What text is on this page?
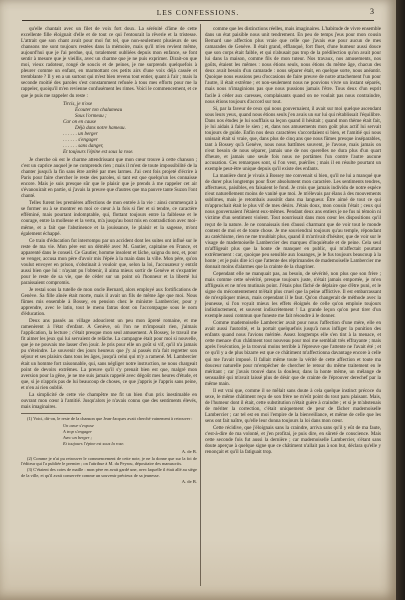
LES CONFESSIONS.	3

qu'elle chantait avec un filet de voix fort doux. La sérénité d'âme de cette excellente fille éloignait d'elle et de tout ce qui l'entourait la rêverie et la tristesse. L'attrait que son chant avait pour moi fut tel, que non-seulement plusieurs de ses chansons me sont toujours restées dans la mémoire, mais qu'il m'en revient même, aujourd'hui que je l'ai perdue, qui, totalement oubliées depuis mon enfance, se font sentir à mesure que je vieillis, avec un charme que je ne puis exprimer. Dirait-on que moi, vieux radoteur, rongé de soucis et de peines, je me surprends quelquefois à pleurer comme un enfant, en marmottant ces petits airs d'une voix déjà cassée et tremblante ? Il y en a un surtout qui m'est bien revenu tout entier, quant à l'air ; mais la seconde moitié des paroles s'est constamment refusée à tous mes efforts pour me la rappeler, quoiqu'il m'en revienne confusément les rimes. Voici le commencement, et ce que je puis me rappeler du reste :

Tircis, je n'ose
Écouter ton chalumeau
Sous l'ormeau ;
Car on en cause
Déjà dans notre hameau.
. . . . . . un berger
. . . . . . s'engager
. . . . . . sans danger,
Et toujours l'épine est sous la rose.

Je cherche où est le charme attendrissant que mon cœur trouve à cette chanson ; c'est un caprice auquel je ne comprends rien ; mais il m'est de toute impossibilité de la chanter jusqu'à la fin sans être arrêté par mes larmes. J'ai cent fois projeté d'écrire à Paris pour faire chercher le reste des paroles, si tant est que quelqu'un les connaisse encore. Mais je suis presque sûr que le plaisir que je prends à me rappeler cet air s'évanouirait en partie, si j'avais la preuve que d'autres que ma pauvre tante Suzon l'ont chanté.

Telles furent les premières affections de mon entrée à la vie : ainsi commençait à se former ou à se montrer en moi ce cœur à la fois si fier et si tendre, ce caractère efféminé, mais pourtant indomptable, qui, flottant toujours entre la faiblesse et le courage, entre la mollesse et la vertu, m'a jusqu'au bout mis en contradiction avec moi-même, et a fait que l'abstinence et la jouissance, le plaisir et la sagesse, m'ont également échappé.

Ce train d'éducation fut interrompu par un accident dont les suites ont influé sur le reste de ma vie. Mon père eut un démêlé avec M. Gautier, capitaine en France, et apparenté dans le conseil. Ce Gautier, homme insolent et lâche, saigna du nez, et, pour se venger, accusa mon père d'avoir mis l'épée à la main dans la ville. Mon père, qu'on voulut envoyer en prison, s'obstinait à vouloir que, selon la loi, l'accusateur y entrât aussi bien que lui : n'ayant pu l'obtenir, il aima mieux sortir de Genève et s'expatrier pour le reste de sa vie, que de céder sur un point où l'honneur et la liberté lui paraissaient compromis.

Je restai sous la tutelle de mon oncle Bernard, alors employé aux fortifications de Genève. Sa fille aînée était morte, mais il avait un fils de même âge que moi. Nous fûmes mis ensemble à Bossey, en pension chez le ministre Lambercier, pour y apprendre, avec le latin, tout le menu fatras dont on l'accompagne sous le nom d'éducation.

Deux ans passés au village adoucirent un peu mon âpreté romaine, et me ramenèrent à l'état d'enfant. A Genève, où l'on ne m'imposait rien, j'aimais l'application, la lecture ; c'était presque mon seul amusement. A Bossey, le travail me fit aimer les jeux qui lui servaient de relâche. La campagne était pour moi si nouvelle, que je ne pouvais me lasser d'en jouir. Je pris pour elle un goût si vif, qu'il n'a jamais pu s'éteindre. Le souvenir des jours heureux que j'y ai passés m'a fait regretter son séjour et ses plaisirs dans tous les âges, jusqu'à celui qui m'y a ramené. M. Lambercier était un homme fort raisonnable, qui, sans négliger notre instruction, ne nous chargeait point de devoirs extrêmes. La preuve qu'il s'y prenait bien est que, malgré mon aversion pour la gêne, je ne me suis jamais rappelé avec dégoût mes heures d'étude, et que, si je n'appris pas de lui beaucoup de choses, ce que j'appris je l'appris sans peine, et n'en ai rien oublié.

La simplicité de cette vie champêtre me fit un bien d'un prix inestimable en ouvrant mon cœur à l'amitié. Jusqu'alors je n'avais connu que des sentiments élevés, mais imaginaires.

(1) Voici, dit-on, le reste de la chanson que Jean-Jacques avait cherché vainement à retrouver :

Un cœur s'expose
A trop s'engager
Avec un berger ;
Et toujours l'épine est sous la rose.

A. de B.

(2) Comme je n'ai pu retrouver le commencement de cette note, je ne la donne que sur la foi de l'éditeur qui l'a publiée le premier ; on l'attribue à M. du Peyrou, dépositaire des manuscrits.

(3) C'étaient des cotes de maille : mon père en avait gardé une, avec laquelle il était allé au siège de la ville, et qu'il avait conservée comme un souvenir précieux de sa jeunesse.

A. de B.

comme que les distinctions réelles, mais imaginaires. L'habitude de vivre ensemble dans un état paisible nous unit tendrement. En peu de temps j'eus pour mon cousin Bernard une affection plus vraie que celle que j'avais eue pour aucun de mes camarades de Genève. Il était grand, efflanqué, fort fluet, d'une humeur aussi douce que son corps était faible, et qui n'abusait pas trop de la prédilection qu'on avait pour lui dans la maison, comme fils de mon tuteur. Nos travaux, nos amusements, nos goûts, étaient les mêmes : nous étions seuls, nous étions du même âge, chacun des deux avait besoin d'un camarade : nous séparer était, en quelque sorte, nous anéantir. Quoique nous eussions peu d'occasions de faire preuve de notre attachement l'un pour l'autre, il était extrême ; et non-seulement nous ne pouvions vivre un instant séparés, mais nous n'imaginions pas que nous pussions jamais l'être. Tous deux d'un esprit facile à céder aux caresses, complaisants quand on ne voulait pas nous contraindre, nous étions toujours d'accord sur tout.

Si, par la faveur de ceux qui nous gouvernaient, il avait sur moi quelque ascendant sous leurs yeux, quand nous étions seuls j'en avais un sur lui qui rétablissait l'équilibre. Dans nos études je lui soufflais sa leçon quand il hésitait ; quand mon thème était fait, je lui aidais à faire le sien ; et, dans nos amusements mon goût plus actif lui servait toujours de guide. Enfin nos deux caractères s'accordaient si bien, et l'amitié qui nous unissait était si vraie, que, dans plus de cinq ans que nous fûmes presque inséparables, tant à Bossey qu'à Genève, nous nous battîmes souvent, je l'avoue, mais jamais on n'eut besoin de nous séparer, jamais une de nos querelles ne dura plus d'un quart d'heure, et jamais une seule fois nous ne portâmes l'un contre l'autre aucune accusation. Ces remarques sont, si l'on veut, puériles ; mais il en résulte pourtant un exemple peut-être unique depuis qu'il existe des enfants.

La manière dont je vivais à Bossey me convenait si bien, qu'il ne lui a manqué que de durer plus longtemps pour fixer absolument mon caractère. Les sentiments tendres, affectueux, paisibles, en faisaient le fond. Je crois que jamais individu de notre espèce n'eut naturellement moins de vanité que moi. Je m'élevais par élans à des mouvements sublimes, mais je retombais aussitôt dans ma langueur. Être aimé de tout ce qui m'approchait était le plus vif de mes désirs. J'étais doux, mon cousin l'était ; ceux qui nous gouvernaient l'étaient eux-mêmes. Pendant deux ans entiers je ne fus ni témoin ni victime d'un sentiment violent. Tout nourrissait dans mon cœur les dispositions qu'il reçut de la nature. Je ne connaissais rien d'aussi charmant que de voir tout le monde content de moi et de toute chose. Je me souviendrai toujours qu'au temple, répondant au catéchisme, rien ne me troublait plus, quand il m'arrivait d'hésiter, que de voir sur le visage de mademoiselle Lambercier des marques d'inquiétude et de peine. Cela seul m'affligeait plus que la honte de manquer en public, qui m'affectait pourtant extrêmement : car, quoique peu sensible aux louanges, je le fus toujours beaucoup à la honte ; et je puis dire ici que l'attente des réprimandes de mademoiselle Lambercier me donnait moins d'alarmes que la crainte de la chagriner.

Cependant elle ne manquait pas, au besoin, de sévérité, non plus que son frère ; mais comme cette sévérité, presque toujours juste, n'était jamais emportée, je m'en affligeais et ne m'en mutinais point. J'étais plus fâché de déplaire que d'être puni, et le signe du mécontentement m'était plus cruel que la peine afflictive. Il est embarrassant de m'expliquer mieux, mais cependant il le faut. Qu'on changerait de méthode avec la jeunesse, si l'on voyait mieux les effets éloignés de celle qu'on emploie toujours indistinctement, et souvent indiscrètement ! La grande leçon qu'on peut tirer d'un exemple aussi commun que funeste me fait résoudre à le donner.

Comme mademoiselle Lambercier avait pour nous l'affection d'une mère, elle en avait aussi l'autorité, et la portait quelquefois jusqu'à nous infliger la punition des enfants quand nous l'avions méritée. Assez longtemps elle s'en tint à la menace, et cette menace d'un châtiment tout nouveau pour moi me semblait très effrayante ; mais après l'exécution, je la trouvai moins terrible à l'épreuve que l'attente ne l'avait été ; et ce qu'il y a de plus bizarre est que ce châtiment m'affectionna davantage encore à celle qui me l'avait imposé. Il fallait même toute la vérité de cette affection et toute ma douceur naturelle pour m'empêcher de chercher le retour du même traitement en le méritant ; car j'avais trouvé dans la douleur, dans la honte même, un mélange de sensualité qui m'avait laissé plus de désir que de crainte de l'éprouver derechef par la même main.

Il est vrai que, comme il se mêlait sans doute à cela quelque instinct précoce du sexe, le même châtiment reçu de son frère ne m'eût point du tout paru plaisant. Mais, de l'humeur dont il était, cette substitution n'était guère à craindre ; et si je m'abstenais de mériter la correction, c'était uniquement de peur de fâcher mademoiselle Lambercier ; car tel est en moi l'empire de la bienveillance, et même de celle que les sens ont fait naître, qu'elle leur donna toujours la loi dans mon cœur.

Cette récidive, que j'éloignais sans la craindre, arriva sans qu'il y eût de ma faute, c'est-à-dire de ma volonté, et j'en profitai, je puis dire, en sûreté de conscience. Mais cette seconde fois fut aussi la dernière ; car mademoiselle Lambercier, s'étant sans doute aperçue à quelque signe que ce châtiment n'allait pas à son but, déclara qu'elle y renonçait et qu'il la fatiguait trop.
